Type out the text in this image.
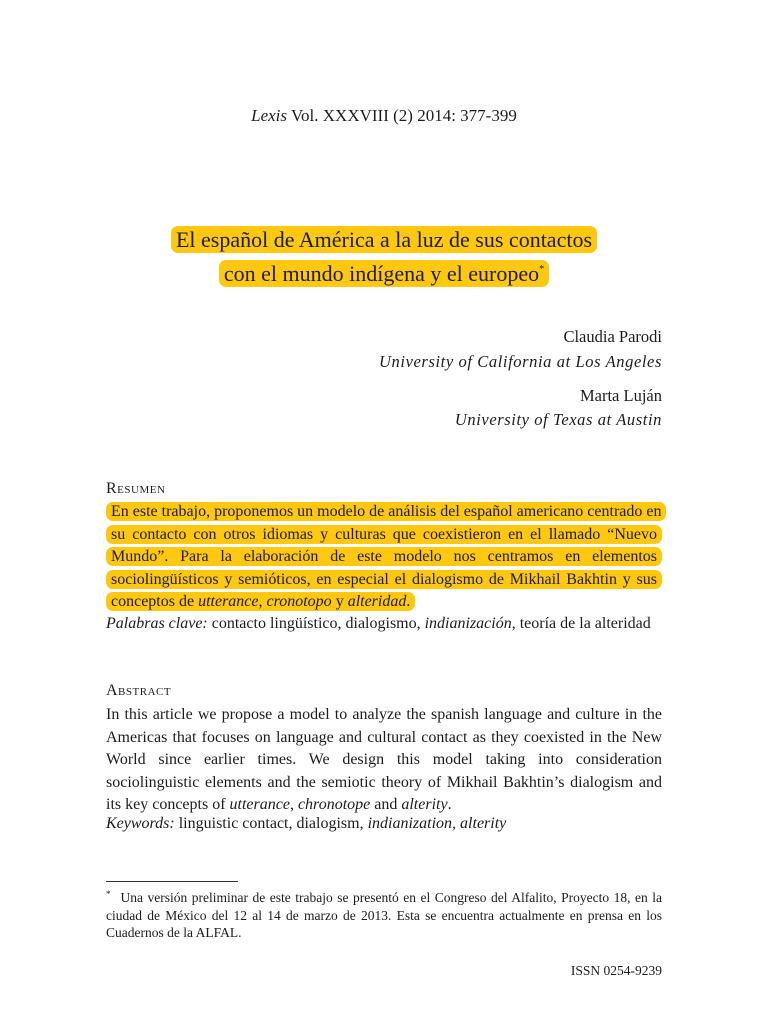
Lexis Vol. XXXVIII (2) 2014: 377-399
El español de América a la luz de sus contactos
con el mundo indígena y el europeo*
Claudia Parodi
University of California at Los Angeles
Marta Luján
University of Texas at Austin
Resumen
En este trabajo, proponemos un modelo de análisis del español americano centrado en su contacto con otros idiomas y culturas que coexistieron en el llamado “Nuevo Mundo”. Para la elaboración de este modelo nos centramos en elementos sociolingüísticos y semióticos, en especial el dialogismo de Mikhail Bakhtin y sus conceptos de utterance, cronotopo y alteridad.
Palabras clave: contacto lingüístico, dialogismo, indianización, teoría de la alteridad
Abstract
In this article we propose a model to analyze the spanish language and culture in the Americas that focuses on language and cultural contact as they coexisted in the New World since earlier times. We design this model taking into consideration sociolinguistic elements and the semiotic theory of Mikhail Bakhtin’s dialogism and its key concepts of utterance, chronotope and alterity.
Keywords: linguistic contact, dialogism, indianization, alterity
* Una versión preliminar de este trabajo se presentó en el Congreso del Alfalito, Proyecto 18, en la ciudad de México del 12 al 14 de marzo de 2013. Esta se encuentra actualmente en prensa en los Cuadernos de la ALFAL.
ISSN 0254-9239
